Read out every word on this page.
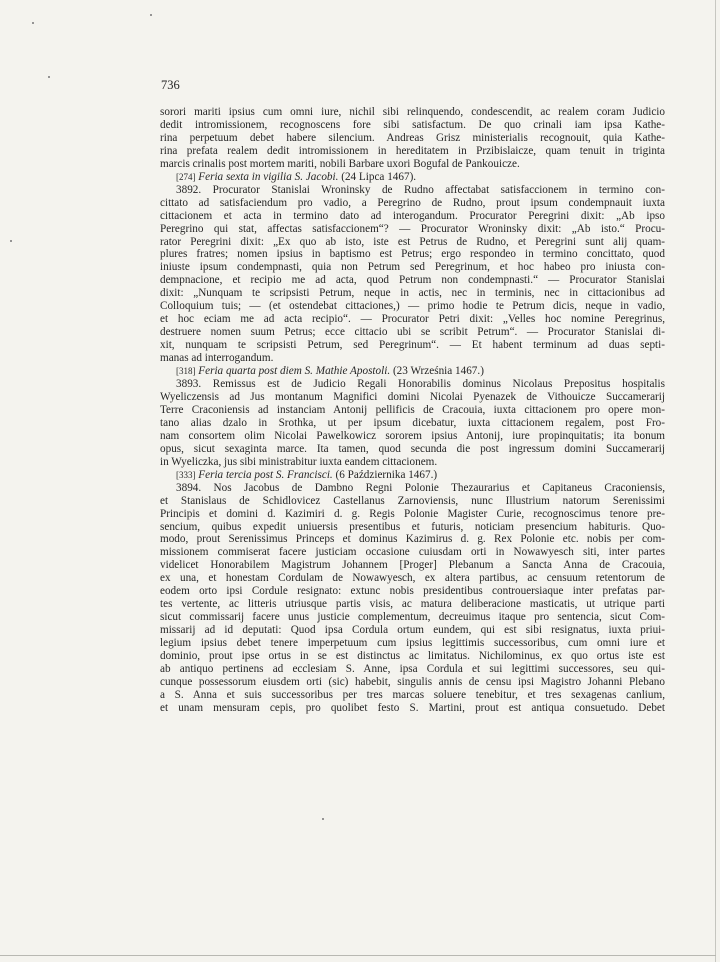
736
sorori mariti ipsius cum omni iure, nichil sibi relinquendo, condescendit, ac realem coram Judicio
dedit intromissionem, recognoscens fore sibi satisfactum. De quo crinali iam ipsa Kathe-
rina perpetuum debet habere silencium. Andreas Grisz ministerialis recognouit, quia Kathe-
rina prefata realem dedit intromissionem in hereditatem in Przibislaicze, quam tenuit in triginta
marcis crinalis post mortem mariti, nobili Barbare uxori Bogufal de Pankouicze.
[274] Feria sexta in vigilia S. Jacobi. (24 Lipca 1467).
3892. Procurator Stanislai Wroninsky de Rudno affectabat satisfaccionem in termino con-
cittato ad satisfaciendum pro vadio, a Peregrino de Rudno, prout ipsum condempnauit iuxta
cittacionem et acta in termino dato ad interogandum. Procurator Peregrini dixit: „Ab ipso
Peregrino qui stat, affectas satisfaccionem“? — Procurator Wroninsky dixit: „Ab isto.“ Procu-
rator Peregrini dixit: „Ex quo ab isto, iste est Petrus de Rudno, et Peregrini sunt alij quam-
plures fratres; nomen ipsius in baptismo est Petrus; ergo respondeo in termino concittato, quod
iniuste ipsum condempnasti, quia non Petrum sed Peregrinum, et hoc habeo pro iniusta con-
dempnacione, et recipio me ad acta, quod Petrum non condempnasti.“ — Procurator Stanislai
dixit: „Nunquam te scripsisti Petrum, neque in actis, nec in terminis, nec in cittacionibus ad
Colloquium tuis; — (et ostendebat cittaciones,) — primo hodie te Petrum dicis, neque in vadio,
et hoc eciam me ad acta recipio“. — Procurator Petri dixit: „Velles hoc nomine Peregrinus,
destruere nomen suum Petrus; ecce cittacio ubi se scribit Petrum“. — Procurator Stanislai di-
xit, nunquam te scripsisti Petrum, sed Peregrinum“. — Et habent terminum ad duas septi-
manas ad interrogandum.
[318] Feria quarta post diem S. Mathie Apostoli. (23 Września 1467.)
3893. Remissus est de Judicio Regali Honorabilis dominus Nicolaus Prepositus hospitalis
Wyeliczensis ad Jus montanum Magnifici domini Nicolai Pyenazek de Vithouicze Succamerarij
Terre Craconiensis ad instanciam Antonij pellificis de Cracouia, iuxta cittacionem pro opere mon-
tano alias dzalo in Srothka, ut per ipsum dicebatur, iuxta cittacionem regalem, post Fro-
nam consortem olim Nicolai Pawelkowicz sororem ipsius Antonij, iure propinquitatis; ita bonum
opus, sicut sexaginta marce. Ita tamen, quod secunda die post ingressum domini Succamerarij
in Wyeliczka, jus sibi ministrabitur iuxta eandem cittacionem.
[333] Feria tercia post S. Francisci. (6 Października 1467.)
3894. Nos Jacobus de Dambno Regni Polonie Thezaurarius et Capitaneus Craconiensis,
et Stanislaus de Schidlovicez Castellanus Zarnoviensis, nunc Illustrium natorum Serenissimi
Principis et domini d. Kazimiri d. g. Regis Polonie Magister Curie, recognoscimus tenore pre-
sencium, quibus expedit uniuersis presentibus et futuris, noticiam presencium habituris. Quo-
modo, prout Serenissimus Princeps et dominus Kazimirus d. g. Rex Polonie etc. nobis per com-
missionem commiserat facere justiciam occasione cuiusdam orti in Nowawyesch siti, inter partes
videlicet Honorabilem Magistrum Johannem [Proger] Plebanum a Sancta Anna de Cracouia,
ex una, et honestam Cordulam de Nowawyesch, ex altera partibus, ac censuum retentorum de
eodem orto ipsi Cordule resignato: extunc nobis presidentibus controuersiaque inter prefatas par-
tes vertente, ac litteris utriusque partis visis, ac matura deliberacione masticatis, ut utrique parti
sicut commissarij facere unus justicie complementum, decreuimus itaque pro sentencia, sicut Com-
missarij ad id deputati: Quod ipsa Cordula ortum eundem, qui est sibi resignatus, iuxta priui-
legium ipsius debet tenere imperpetuum cum ipsius legittimis successoribus, cum omni iure et
dominio, prout ipse ortus in se est distinctus ac limitatus. Nichilominus, ex quo ortus iste est
ab antiquo pertinens ad ecclesiam S. Anne, ipsa Cordula et sui legittimi successores, seu qui-
cunque possessorum eiusdem orti (sic) habebit, singulis annis de censu ipsi Magistro Johanni Plebano
a S. Anna et suis successoribus per tres marcas soluere tenebitur, et tres sexagenas canlium,
et unam mensuram cepis, pro quolibet festo S. Martini, prout est antiqua consuetudo. Debet
